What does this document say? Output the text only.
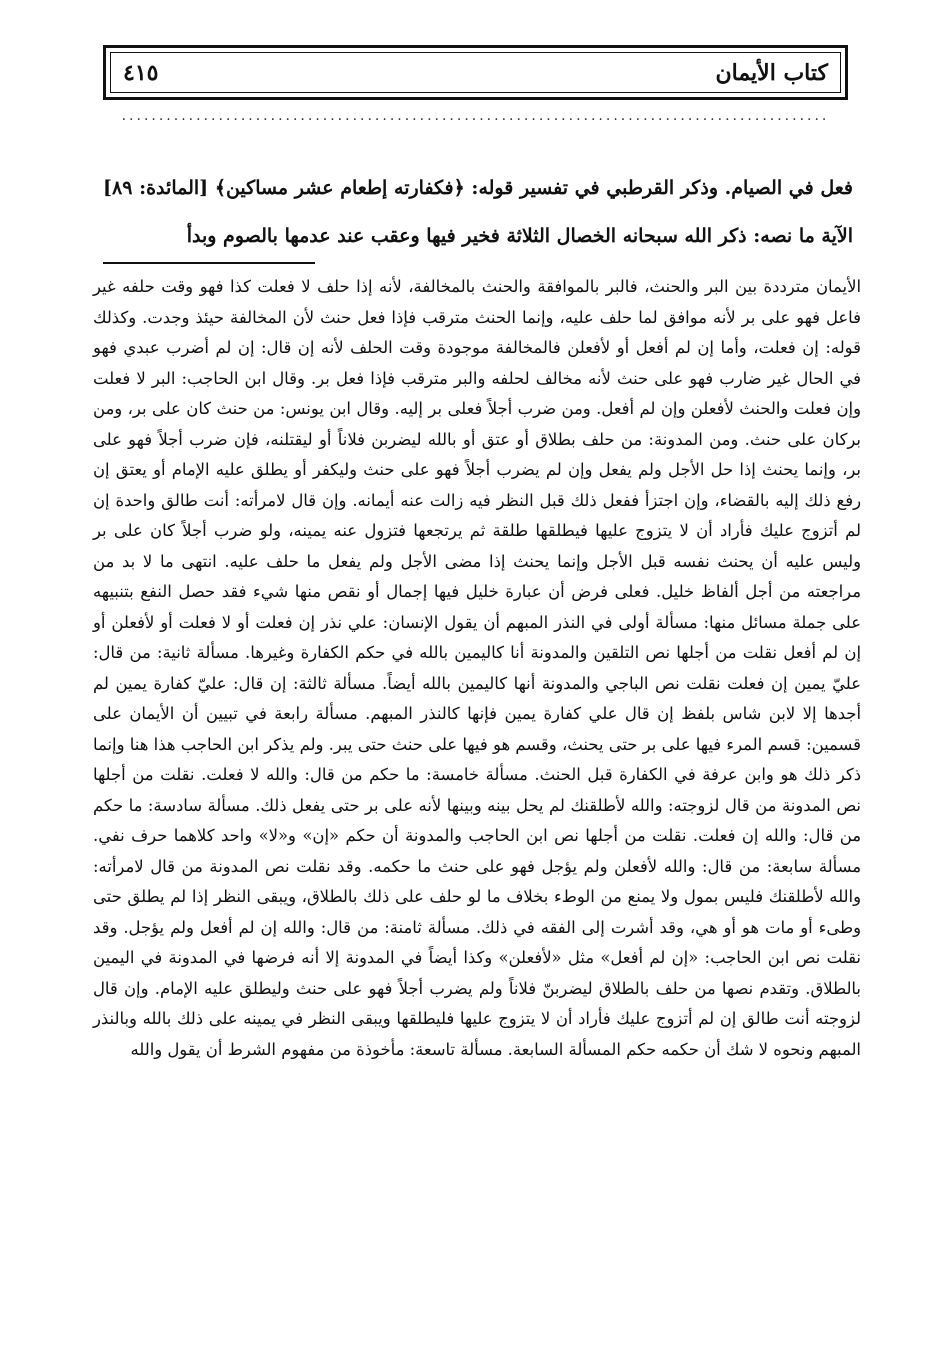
كتاب الأيمان
٤١٥
...............................................................................................
فعل في الصيام. وذكر القرطبي في تفسير قوله: ﴿فكفارته إطعام عشر مساكين﴾ [المائدة: ٨٩] الآية ما نصه: ذكر الله سبحانه الخصال الثلاثة فخير فيها وعقب عند عدمها بالصوم وبدأ
الأيمان مترددة بين البر والحنث، فالبر بالموافقة والحنث بالمخالفة، لأنه إذا حلف لا فعلت كذا فهو وقت حلفه غير فاعل فهو على بر لأنه موافق لما حلف عليه، وإنما الحنث مترقب فإذا فعل حنث لأن المخالفة حيئذ وجدت. وكذلك قوله: إن فعلت، وأما إن لم أفعل أو لأفعلن فالمخالفة موجودة وقت الحلف لأنه إن قال: إن لم أضرب عبدي فهو في الحال غير ضارب فهو على حنث لأنه مخالف لحلفه والبر مترقب فإذا فعل بر. وقال ابن الحاجب: البر لا فعلت وإن فعلت والحنث لأفعلن وإن لم أفعل. ومن ضرب أجلاً فعلى بر إليه. وقال ابن يونس: من حنث كان على بر، ومن بركان على حنث. ومن المدونة: من حلف بطلاق أو عتق أو بالله ليضربن فلاناً أو ليقتلنه، فإن ضرب أجلاً فهو على بر، وإنما يحنث إذا حل الأجل ولم يفعل وإن لم يضرب أجلاً فهو على حنث وليكفر أو يطلق عليه الإمام أو يعتق إن رفع ذلك إليه بالقضاء، وإن اجتزأ ففعل ذلك قبل النظر فيه زالت عنه أيمانه. وإن قال لامرأته: أنت طالق واحدة إن لم أتزوج عليك فأراد أن لا يتزوج عليها فيطلقها طلقة ثم يرتجعها فتزول عنه يمينه، ولو ضرب أجلاً كان على بر وليس عليه أن يحنث نفسه قبل الأجل وإنما يحنث إذا مضى الأجل ولم يفعل ما حلف عليه. انتهى ما لا بد من مراجعته من أجل ألفاظ خليل. فعلى فرض أن عبارة خليل فيها إجمال أو نقص منها شيء فقد حصل النفع بتنبيهه على جملة مسائل منها: مسألة أولى في النذر المبهم أن يقول الإنسان: علي نذر إن فعلت أو لا فعلت أو لأفعلن أو إن لم أفعل نقلت من أجلها نص التلقين والمدونة أنا كاليمين بالله في حكم الكفارة وغيرها. مسألة ثانية: من قال: عليّ يمين إن فعلت نقلت نص الباجي والمدونة أنها كاليمين بالله أيضاً. مسألة ثالثة: إن قال: عليّ كفارة يمين لم أجدها إلا لابن شاس بلفظ إن قال علي كفارة يمين فإنها كالنذر المبهم. مسألة رابعة في تبيين أن الأيمان على قسمين: قسم المرء فيها على بر حتى يحنث، وقسم هو فيها على حنث حتى يبر. ولم يذكر ابن الحاجب هذا هنا وإنما ذكر ذلك هو وابن عرفة في الكفارة قبل الحنث. مسألة خامسة: ما حكم من قال: والله لا فعلت. نقلت من أجلها نص المدونة من قال لزوجته: والله لأطلقنك لم يحل بينه وبينها لأنه على بر حتى يفعل ذلك. مسألة سادسة: ما حكم من قال: والله إن فعلت. نقلت من أجلها نص ابن الحاجب والمدونة أن حكم «إن» و«لا» واحد كلاهما حرف نفي. مسألة سابعة: من قال: والله لأفعلن ولم يؤجل فهو على حنث ما حكمه. وقد نقلت نص المدونة من قال لامرأته: والله لأطلقنك فليس بمول ولا يمنع من الوطء بخلاف ما لو حلف على ذلك بالطلاق، ويبقى النظر إذا لم يطلق حتى وطىء أو مات هو أو هي، وقد أشرت إلى الفقه في ذلك. مسألة ثامنة: من قال: والله إن لم أفعل ولم يؤجل. وقد نقلت نص ابن الحاجب: «إن لم أفعل» مثل «لأفعلن» وكذا أيضاً في المدونة إلا أنه فرضها في المدونة في اليمين بالطلاق. وتقدم نصها من حلف بالطلاق ليضربنّ فلاناً ولم يضرب أجلاً فهو على حنث وليطلق عليه الإمام. وإن قال لزوجته أنت طالق إن لم أتزوج عليك فأراد أن لا يتزوج عليها فليطلقها ويبقى النظر في يمينه على ذلك بالله وبالنذر المبهم ونحوه لا شك أن حكمه حكم المسألة السابعة. مسألة تاسعة: مأخوذة من مفهوم الشرط أن يقول والله
